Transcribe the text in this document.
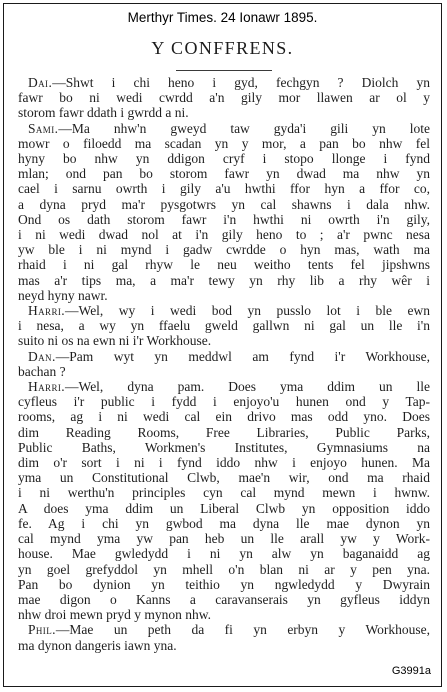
Merthyr Times. 24 Ionawr 1895.
Y CONFFRENS.
Dai.—Shwt i chi heno i gyd, fechgyn ? Diolch yn
fawr bo ni wedi cwrdd a'n gily mor llawen ar ol y
storom fawr ddath i gwrdd a ni.
Sami.—Ma nhw'n gweyd taw gyda'i gili yn lote
mowr o filoedd ma scadan yn y mor, a pan bo nhw fel
hyny bo nhw yn ddigon cryf i stopo llonge i fynd
mlan; ond pan bo storom fawr yn dwad ma nhw yn
cael i sarnu owrth i gily a'u hwthi ffor hyn a ffor co,
a dyna pryd ma'r pysgotwrs yn cal shawns i dala nhw.
Ond os dath storom fawr i'n hwthi ni owrth i'n gily,
i ni wedi dwad nol at i'n gily heno to ; a'r pwnc nesa
yw ble i ni mynd i gadw cwrdde o hyn mas, wath ma
rhaid i ni gal rhyw le neu weitho tents fel jipshwns
mas a'r tips ma, a ma'r tewy yn rhy lib a rhy wêr i
neyd hyny nawr.
Harri.—Wel, wy i wedi bod yn pusslo lot i ble ewn
i nesa, a wy yn ffaelu gweld gallwn ni gal un lle i'n
suito ni os na ewn ni i'r Workhouse.
Dan.—Pam wyt yn meddwl am fynd i'r Workhouse,
bachan ?
Harri.—Wel, dyna pam. Does yma ddim un lle
cyfleus i'r public i fydd i enjoyo'u hunen ond y Tap-
rooms, ag i ni wedi cal ein drivo mas odd yno. Does
dim Reading Rooms, Free Libraries, Public Parks,
Public Baths, Workmen's Institutes, Gymnasiums na
dim o'r sort i ni i fynd iddo nhw i enjoyo hunen. Ma
yma un Constitutional Clwb, mae'n wir, ond ma rhaid
i ni werthu'n principles cyn cal mynd mewn i hwnw.
A does yma ddim un Liberal Clwb yn opposition iddo
fe. Ag i chi yn gwbod ma dyna lle mae dynon yn
cal mynd yma yw pan heb un lle arall yw y Work-
house. Mae gwledydd i ni yn alw yn baganaidd ag
yn goel grefyddol yn mhell o'n blan ni ar y pen yna.
Pan bo dynion yn teithio yn ngwledydd y Dwyrain
mae digon o Kanns a caravanserais yn gyfleus iddyn
nhw droi mewn pryd y mynon nhw.
Phil.—Mae un peth da fi yn erbyn y Workhouse,
ma dynon dangeris iawn yna.
G3991a
